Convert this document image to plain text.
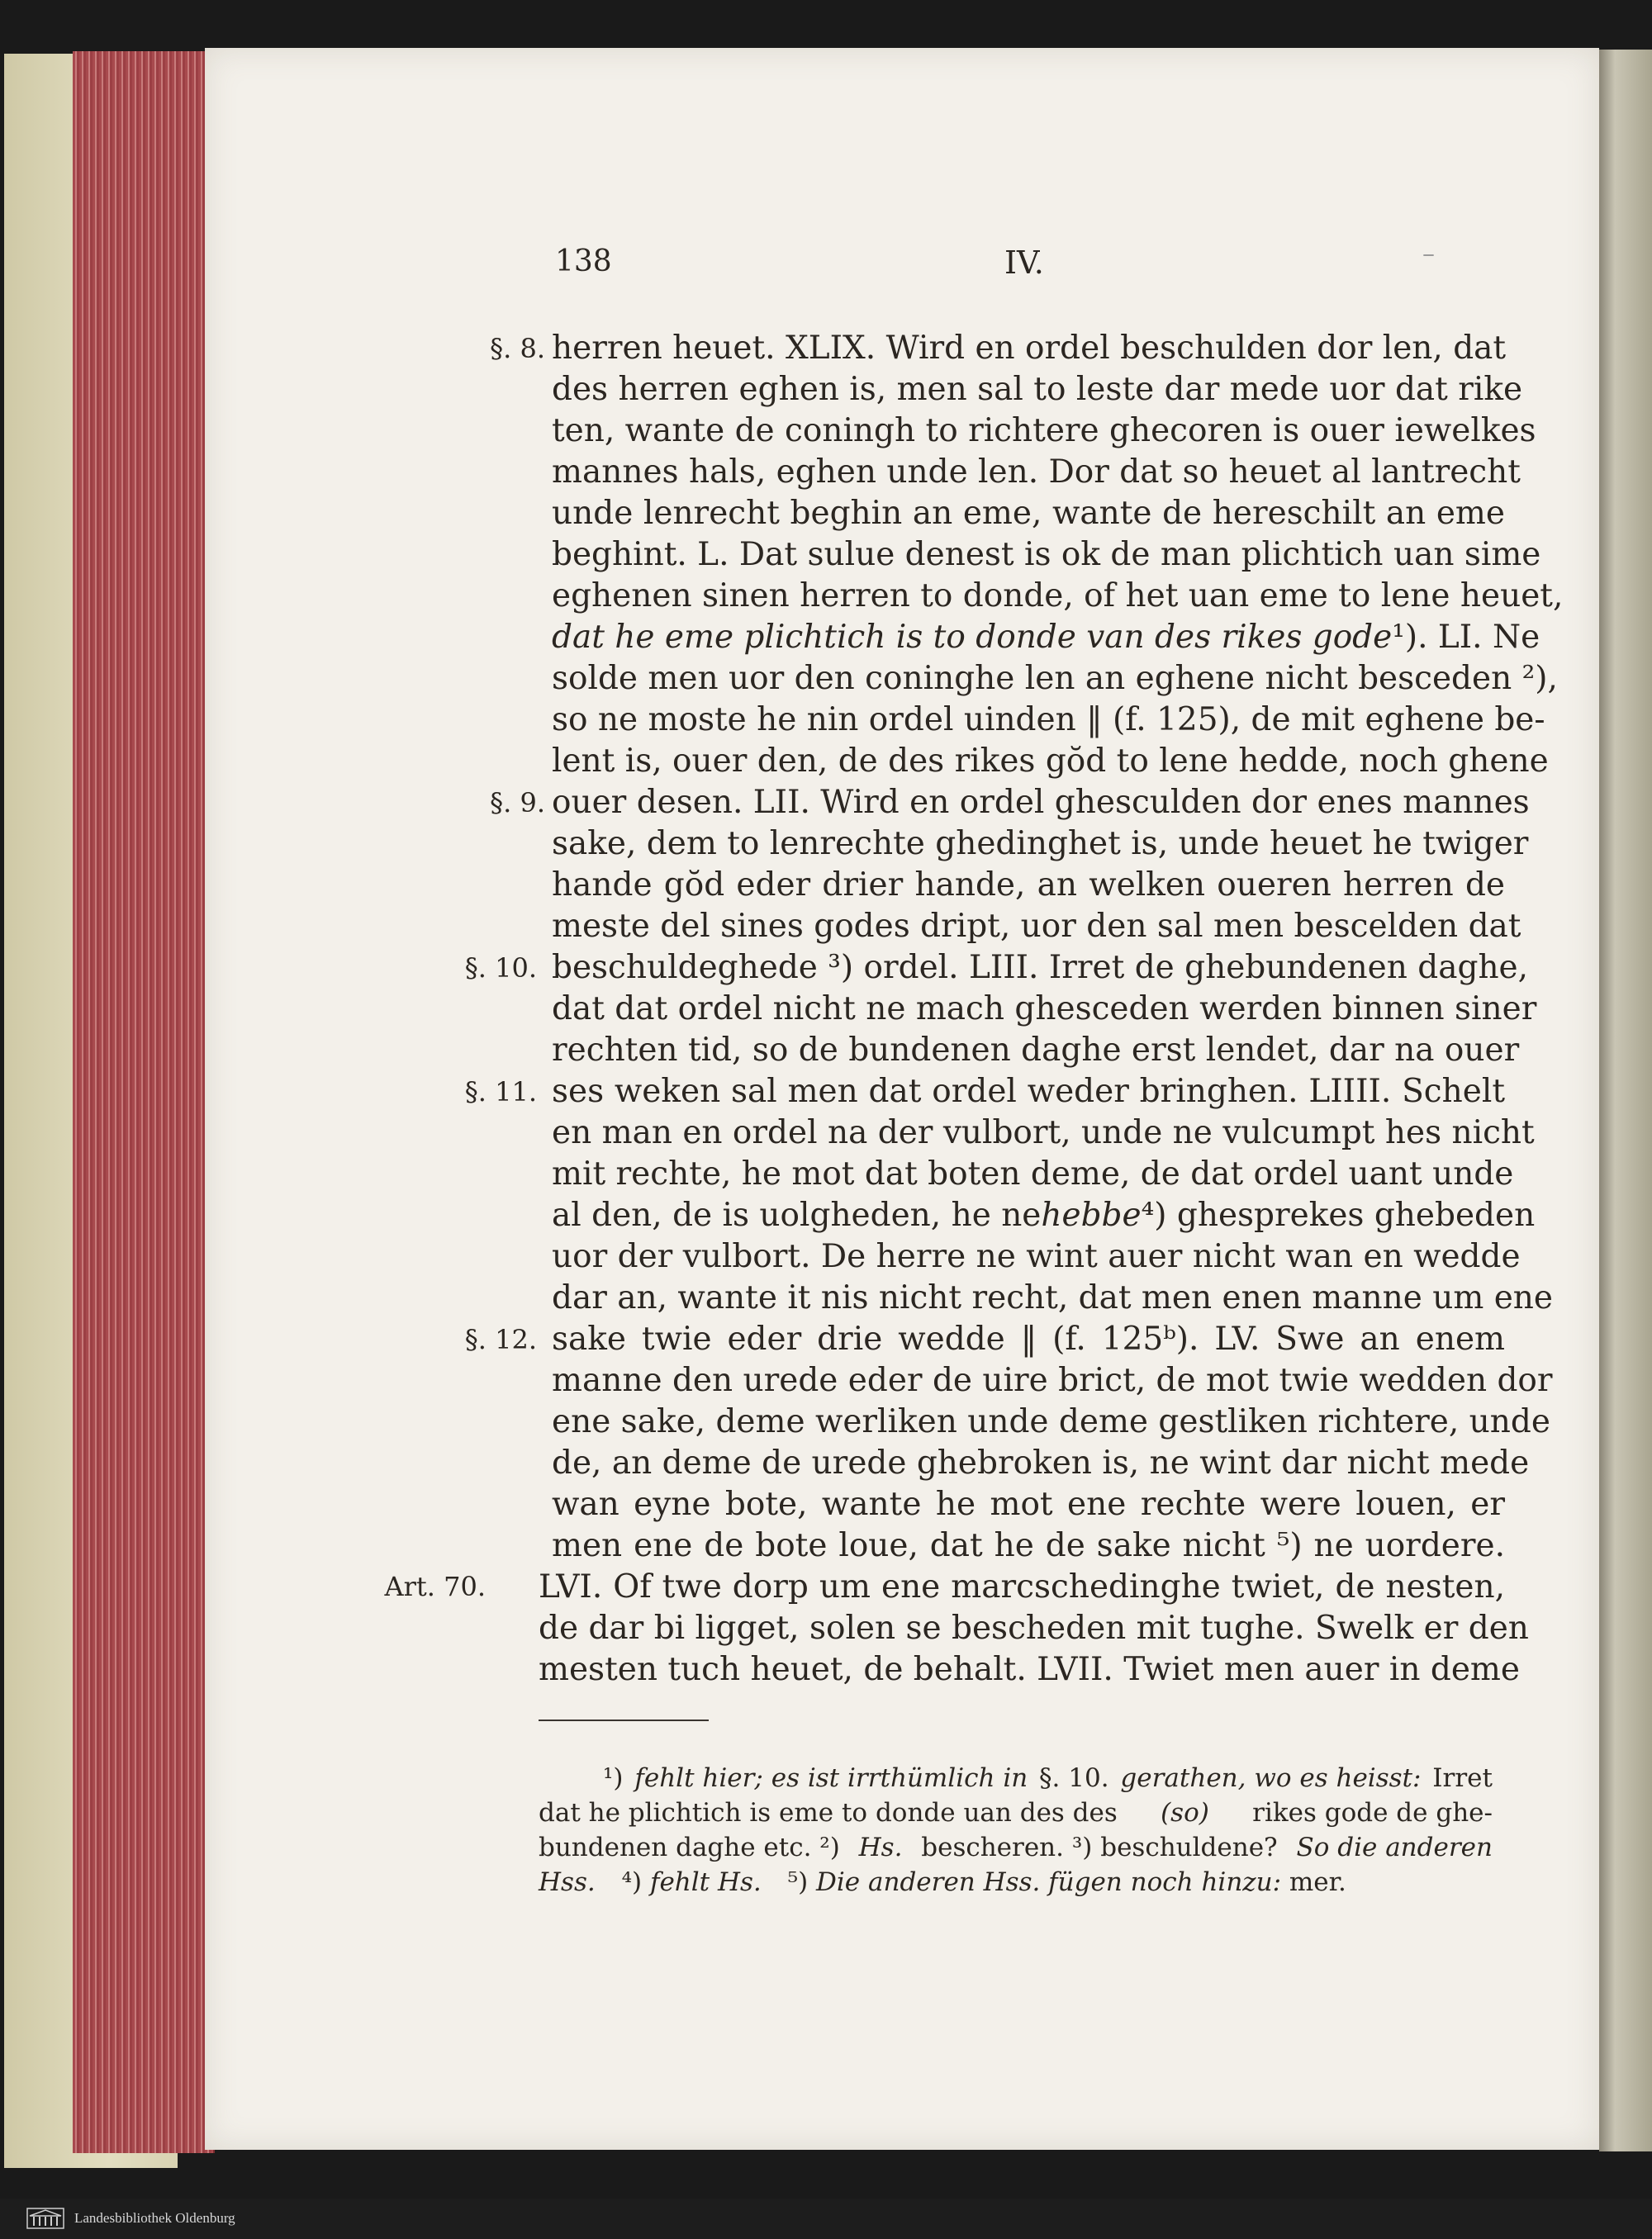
138	IV.	–
§. 8.
§. 9.
§. 10.
§. 11.
§. 12.
Art. 70.
herren heuet. XLIX. Wird en ordel beschulden dor len, dat
des herren eghen is, men sal to leste dar mede uor dat rike
ten, wante de coningh to richtere ghecoren is ouer iewelkes
mannes hals, eghen unde len. Dor dat so heuet al lantrecht
unde lenrecht beghin an eme, wante de hereschilt an eme
beghint. L. Dat sulue denest is ok de man plichtich uan sime
eghenen sinen herren to donde, of het uan eme to lene heuet,
dat he eme plichtich is to donde van des rikes gode ¹). LI. Ne
solde men uor den coninghe len an eghene nicht besceden ²),
so ne moste he nin ordel uinden ‖ (f. 125), de mit eghene be-
lent is, ouer den, de des rikes gŏd to lene hedde, noch ghene
ouer desen. LII. Wird en ordel ghesculden dor enes mannes
sake, dem to lenrechte ghedinghet is, unde heuet he twiger
hande gŏd eder drier hande, an welken oueren herren de
meste del sines godes dript, uor den sal men bescelden dat
beschuldeghede ³) ordel. LIII. Irret de ghebundenen daghe,
dat dat ordel nicht ne mach ghesceden werden binnen siner
rechten tid, so de bundenen daghe erst lendet, dar na ouer
ses weken sal men dat ordel weder bringhen. LIIII. Schelt
en man en ordel na der vulbort, unde ne vulcumpt hes nicht
mit rechte, he mot dat boten deme, de dat ordel uant unde
al den, de is uolgheden, he ne hebbe ⁴) ghesprekes ghebeden
uor der vulbort. De herre ne wint auer nicht wan en wedde
dar an, wante it nis nicht recht, dat men enen manne um ene
sake twie eder drie wedde ‖ (f. 125ᵇ). LV. Swe an enem
manne den urede eder de uire brict, de mot twie wedden dor
ene sake, deme werliken unde deme gestliken richtere, unde
de, an deme de urede ghebroken is, ne wint dar nicht mede
wan eyne bote, wante he mot ene rechte were louen, er
men ene de bote loue, dat he de sake nicht ⁵) ne uordere.
LVI. Of twe dorp um ene marcschedinghe twiet, de nesten,
de dar bi ligget, solen se bescheden mit tughe. Swelk er den
mesten tuch heuet, de behalt. LVII. Twiet men auer in deme
¹) fehlt hier; es ist irrthümlich in §. 10. gerathen, wo es heisst: Irret
dat he plichtich is eme to donde uan des des (so) rikes gode de ghe-
bundenen daghe etc. ²) Hs. bescheren. ³) beschuldene? So die anderen
Hss. ⁴) fehlt Hs. ⁵) Die anderen Hss. fügen noch hinzu: mer.
Landesbibliothek Oldenburg
